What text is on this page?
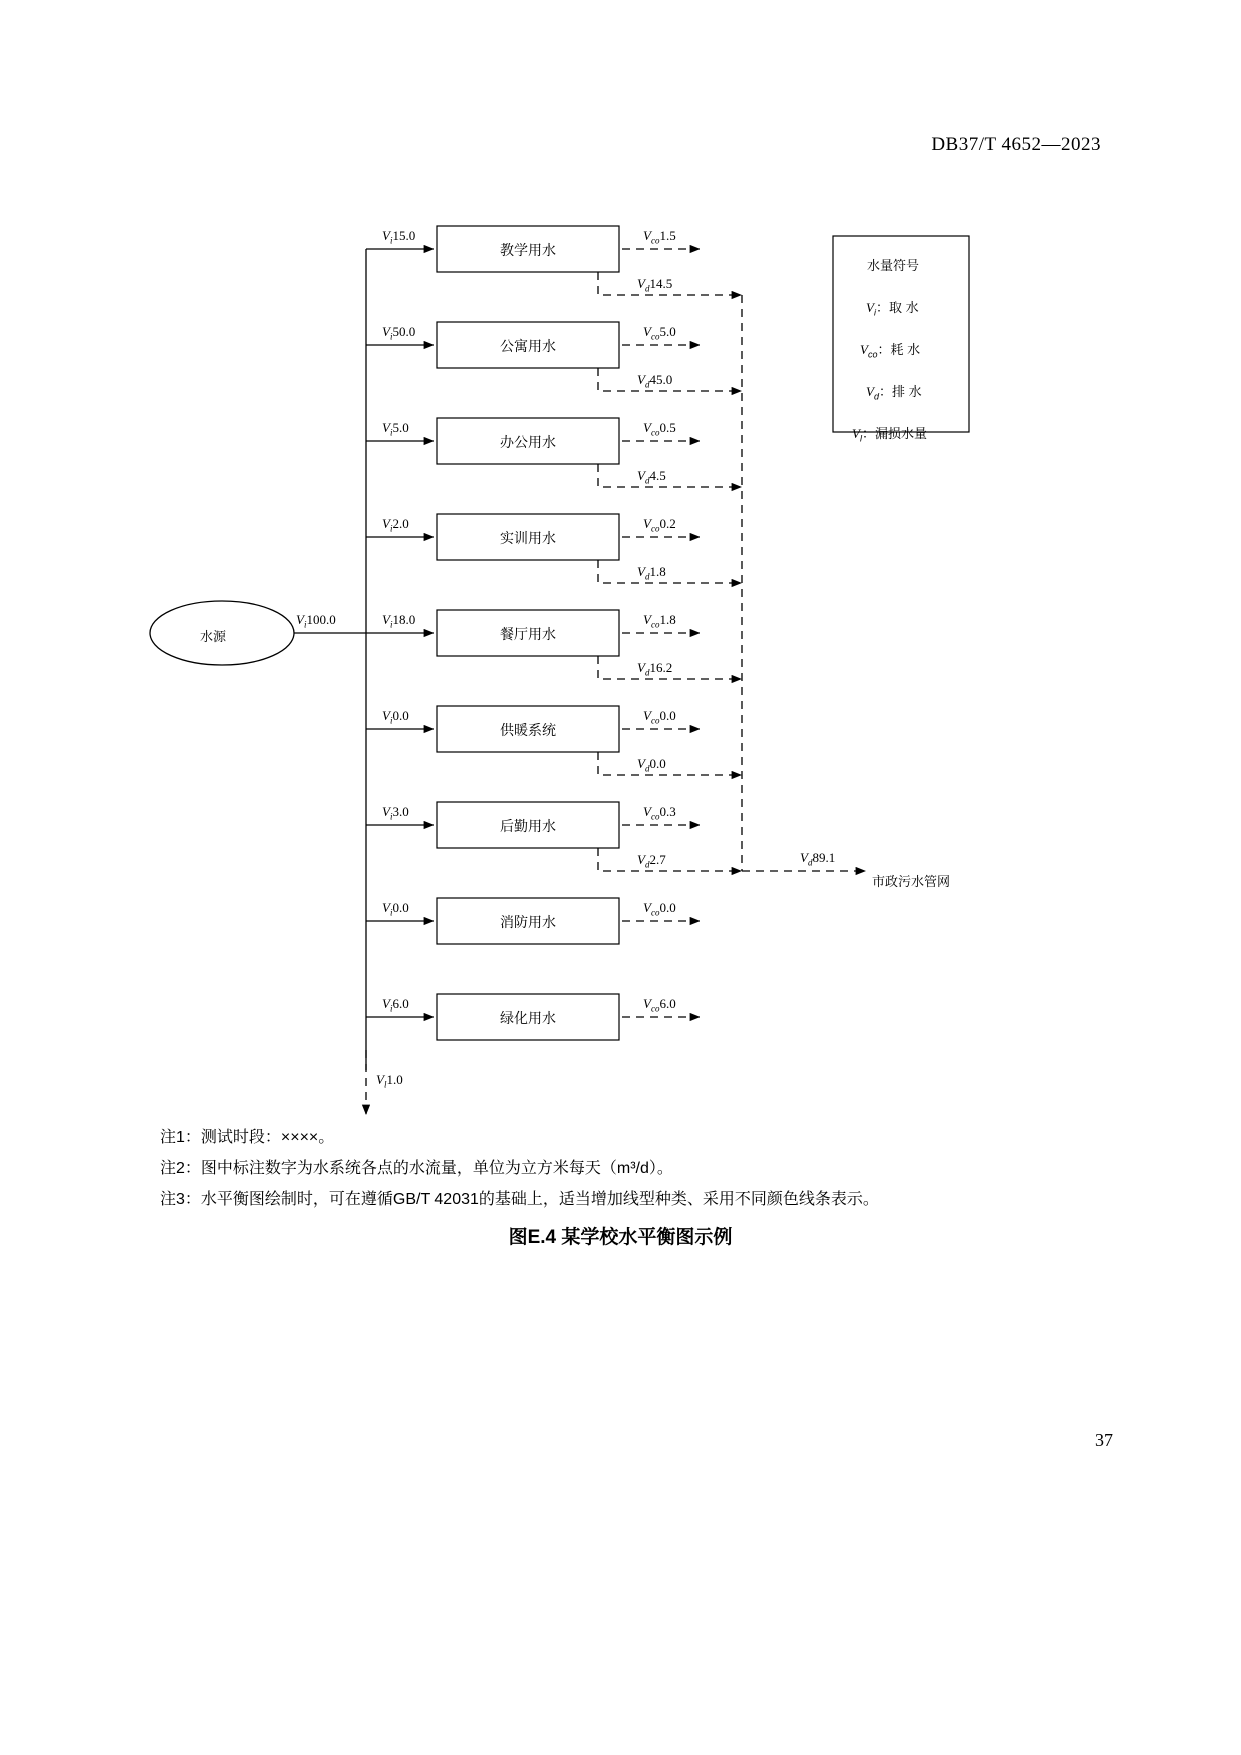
DB37/T 4652—2023
水源
$V_i100.0$
教学用水
公寓用水
办公用水
实训用水
餐厅用水
供暖系统
后勤用水
消防用水
绿化用水
$V_i15.0$
$V_i50.0$
$V_i5.0$
$V_i2.0$
$V_i18.0$
$V_i0.0$
$V_i3.0$
$V_i0.0$
$V_i6.0$
$V_{co}1.5$
$V_{co}5.0$
$V_{co}0.5$
$V_{co}0.2$
$V_{co}1.8$
$V_{co}0.0$
$V_{co}0.3$
$V_{co}0.0$
$V_{co}6.0$
$V_d14.5$
$V_d45.0$
$V_d4.5$
$V_d1.8$
$V_d16.2$
$V_d0.0$
$V_d2.7$
$V_l1.0$
$V_d89.1$
市政污水管网
水量符号
$V_i$：取 水
$V_{co}$：耗 水
$V_d$：排 水
$V_l$：漏损水量
注1：测试时段：××××。
注2：图中标注数字为水系统各点的水流量，单位为立方米每天（m³/d）。
注3：水平衡图绘制时，可在遵循GB/T 42031的基础上，适当增加线型种类、采用不同颜色线条表示。
图E.4 某学校水平衡图示例
37
